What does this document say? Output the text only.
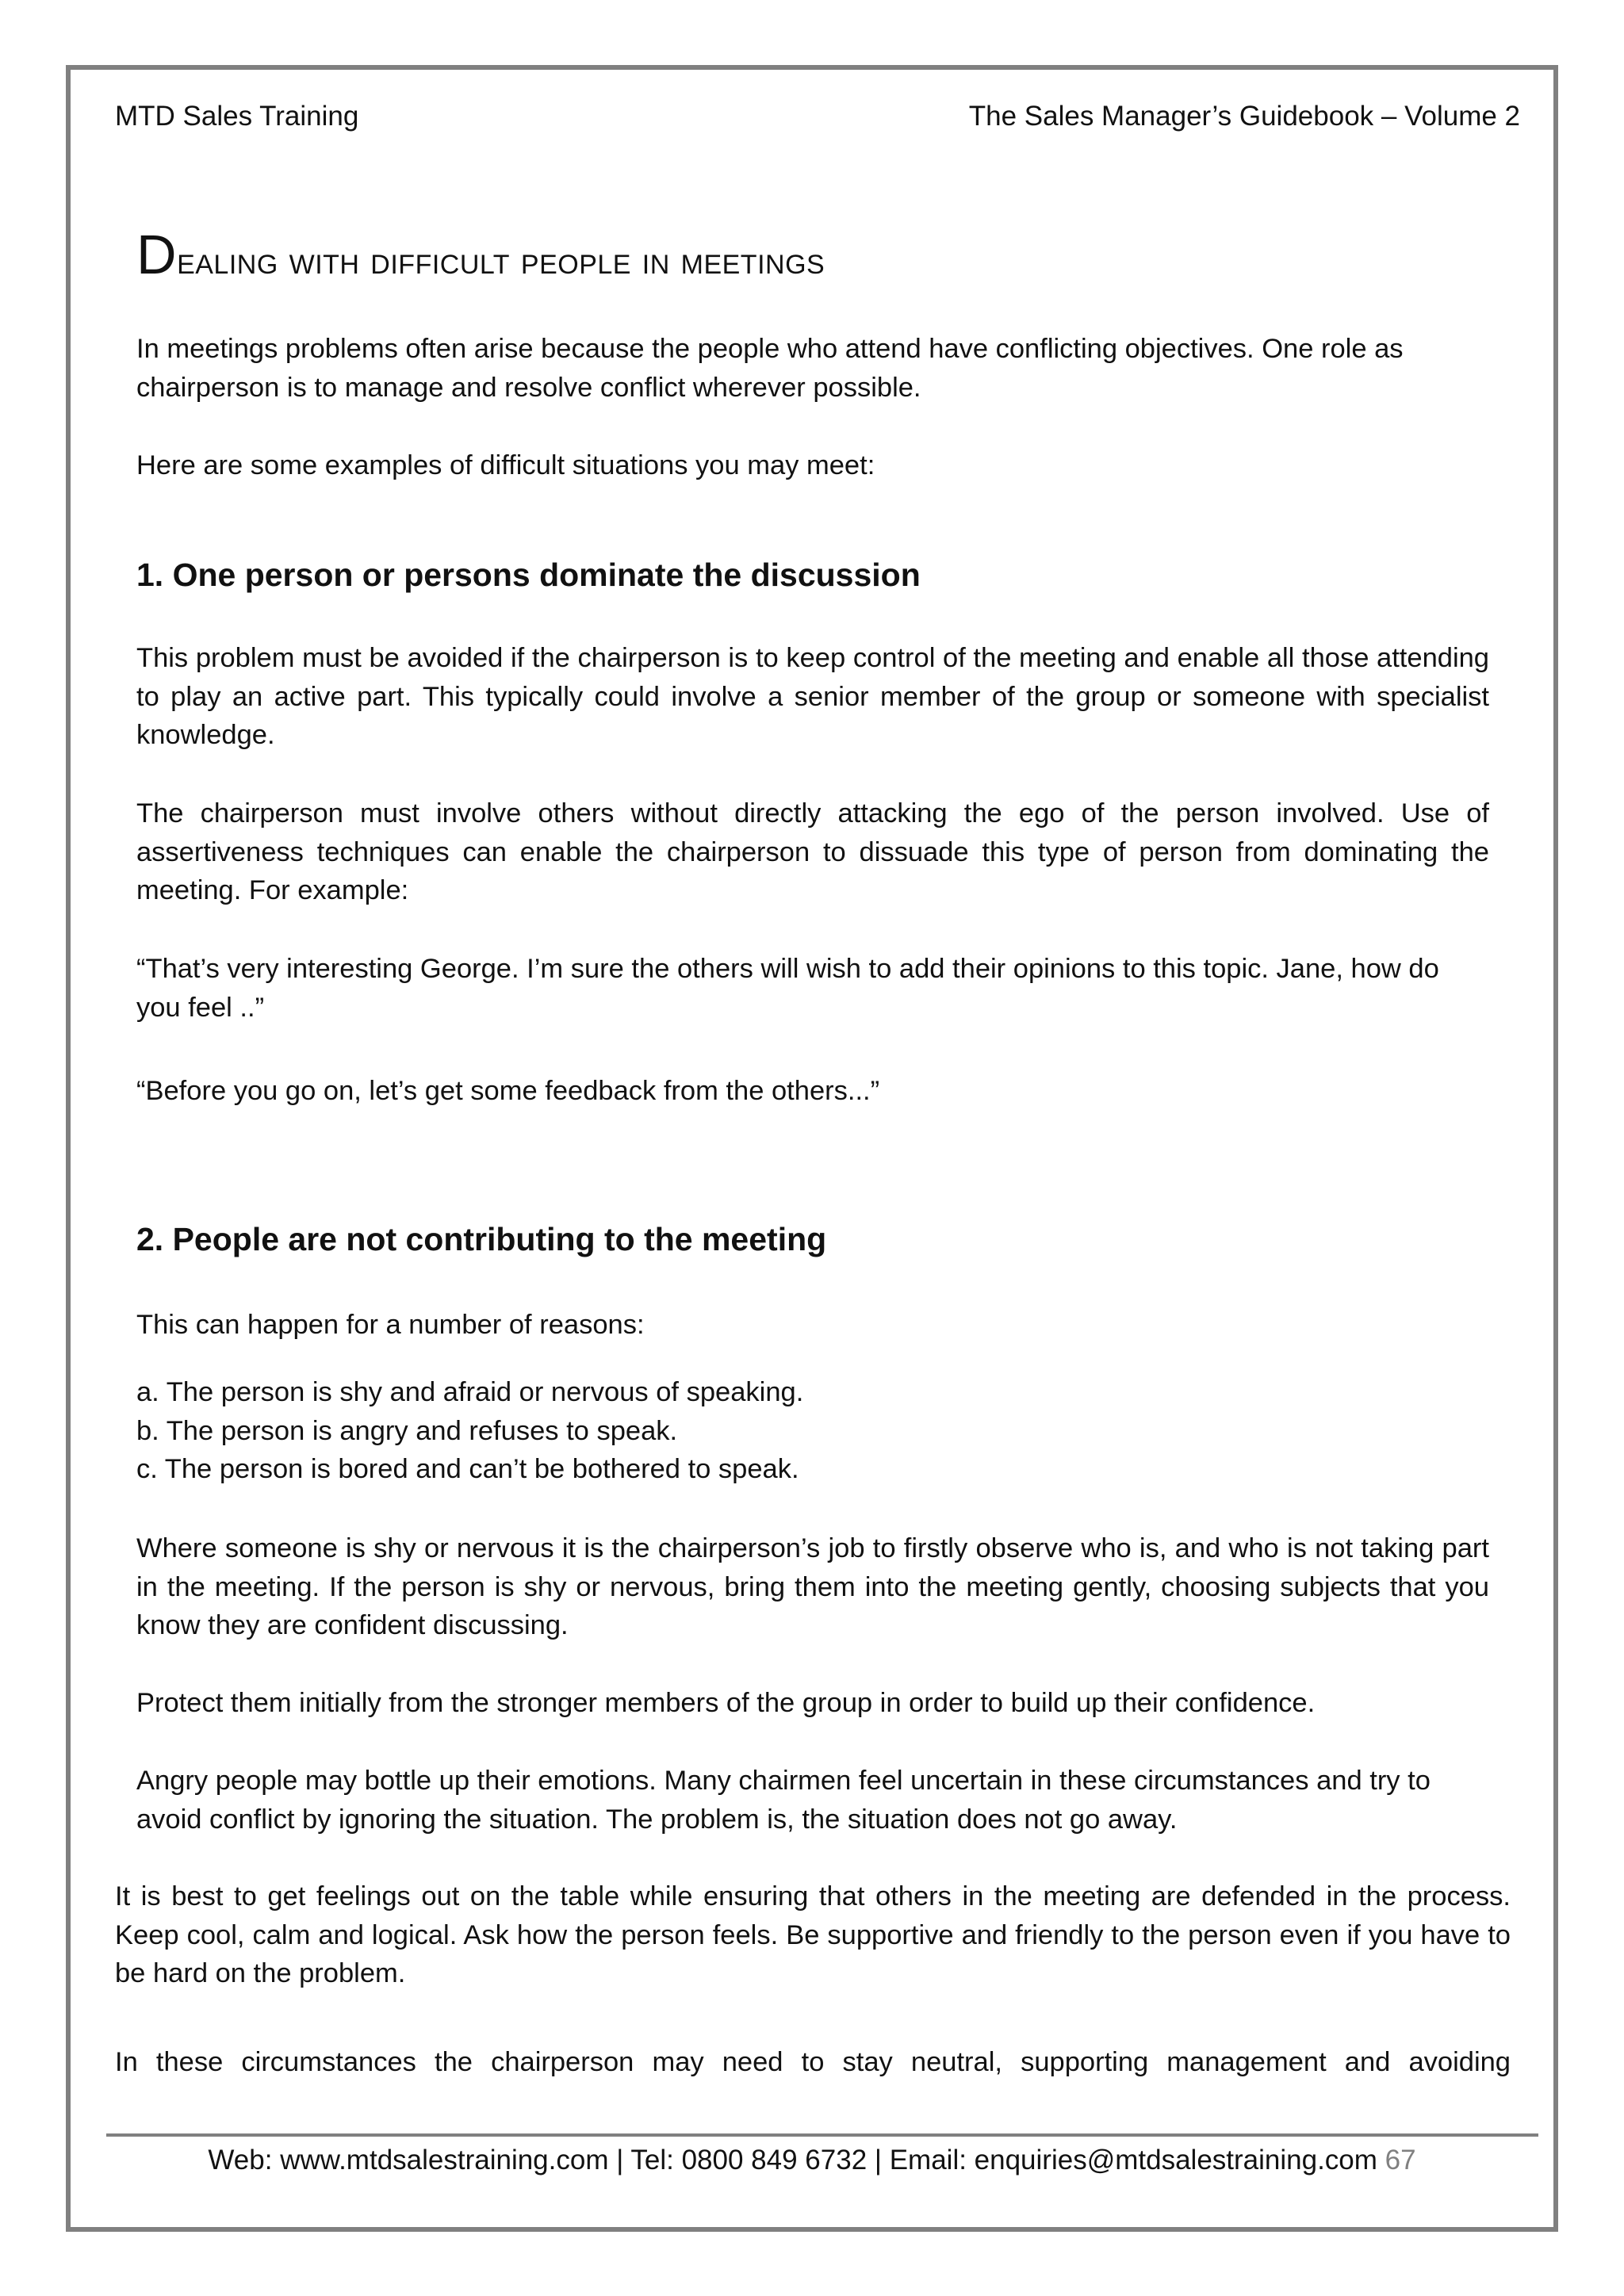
MTD Sales Training	The Sales Manager’s Guidebook – Volume 2
Dealing with difficult people in meetings

In meetings problems often arise because the people who attend have conflicting objectives. One role as chairperson is to manage and resolve conflict wherever possible.

Here are some examples of difficult situations you may meet:

1. One person or persons dominate the discussion

This problem must be avoided if the chairperson is to keep control of the meeting and enable all those attending to play an active part. This typically could involve a senior member of the group or someone with specialist knowledge.

The chairperson must involve others without directly attacking the ego of the person involved. Use of assertiveness techniques can enable the chairperson to dissuade this type of person from dominating the meeting. For example:

“That’s very interesting George. I’m sure the others will wish to add their opinions to this topic. Jane, how do you feel ..”

“Before you go on, let’s get some feedback from the others...”

2. People are not contributing to the meeting

This can happen for a number of reasons:

a. The person is shy and afraid or nervous of speaking.

b. The person is angry and refuses to speak.

c. The person is bored and can’t be bothered to speak.

Where someone is shy or nervous it is the chairperson’s job to firstly observe who is, and who is not taking part in the meeting. If the person is shy or nervous, bring them into the meeting gently, choosing subjects that you know they are confident discussing.

Protect them initially from the stronger members of the group in order to build up their confidence.

Angry people may bottle up their emotions. Many chairmen feel uncertain in these circumstances and try to avoid conflict by ignoring the situation. The problem is, the situation does not go away.

It is best to get feelings out on the table while ensuring that others in the meeting are defended in the process. Keep cool, calm and logical. Ask how the person feels. Be supportive and friendly to the person even if you have to be hard on the problem.

In these circumstances the chairperson may need to stay neutral, supporting management and avoiding

Web: www.mtdsalestraining.com | Tel: 0800 849 6732 | Email: enquiries@mtdsalestraining.com 67
